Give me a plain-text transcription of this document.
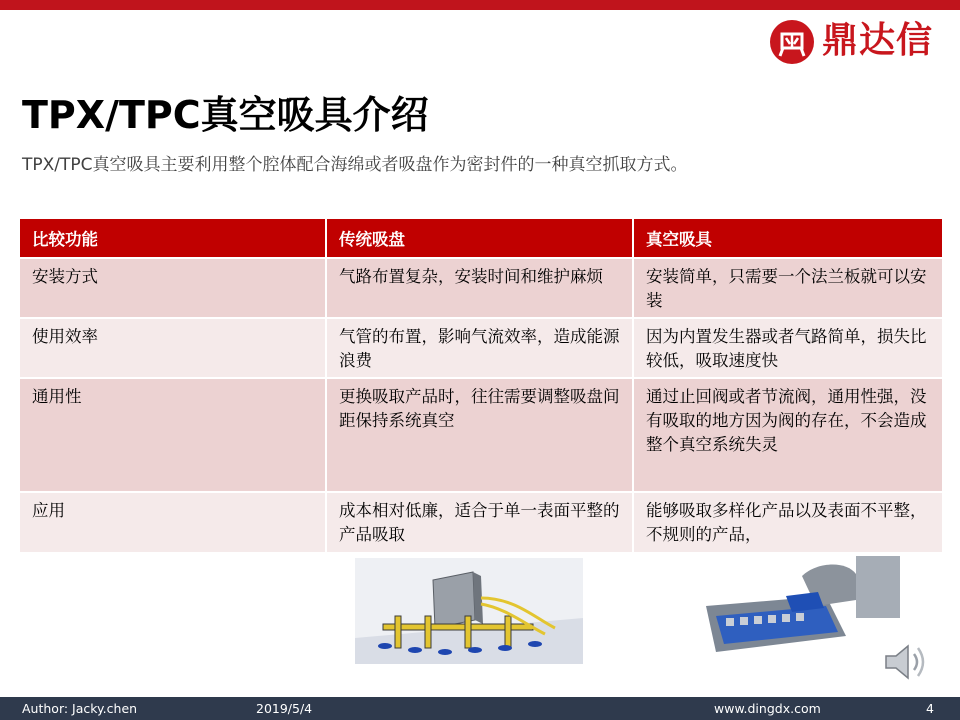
鼎达信
TPX/TPC真空吸具介绍
TPX/TPC真空吸具主要利用整个腔体配合海绵或者吸盘作为密封件的一种真空抓取方式。
比较功能	传统吸盘	真空吸具
安装方式	气路布置复杂，安装时间和维护麻烦	安装简单，只需要一个法兰板就可以安装
使用效率	气管的布置，影响气流效率，造成能源浪费	因为内置发生器或者气路简单，损失比较低，吸取速度快
通用性	更换吸取产品时，往往需要调整吸盘间距保持系统真空	通过止回阀或者节流阀，通用性强，没有吸取的地方因为阀的存在，不会造成整个真空系统失灵
应用	成本相对低廉，适合于单一表面平整的产品吸取	能够吸取多样化产品以及表面不平整，不规则的产品，
Author: Jacky.chen	2019/5/4	www.dingdx.com	4
